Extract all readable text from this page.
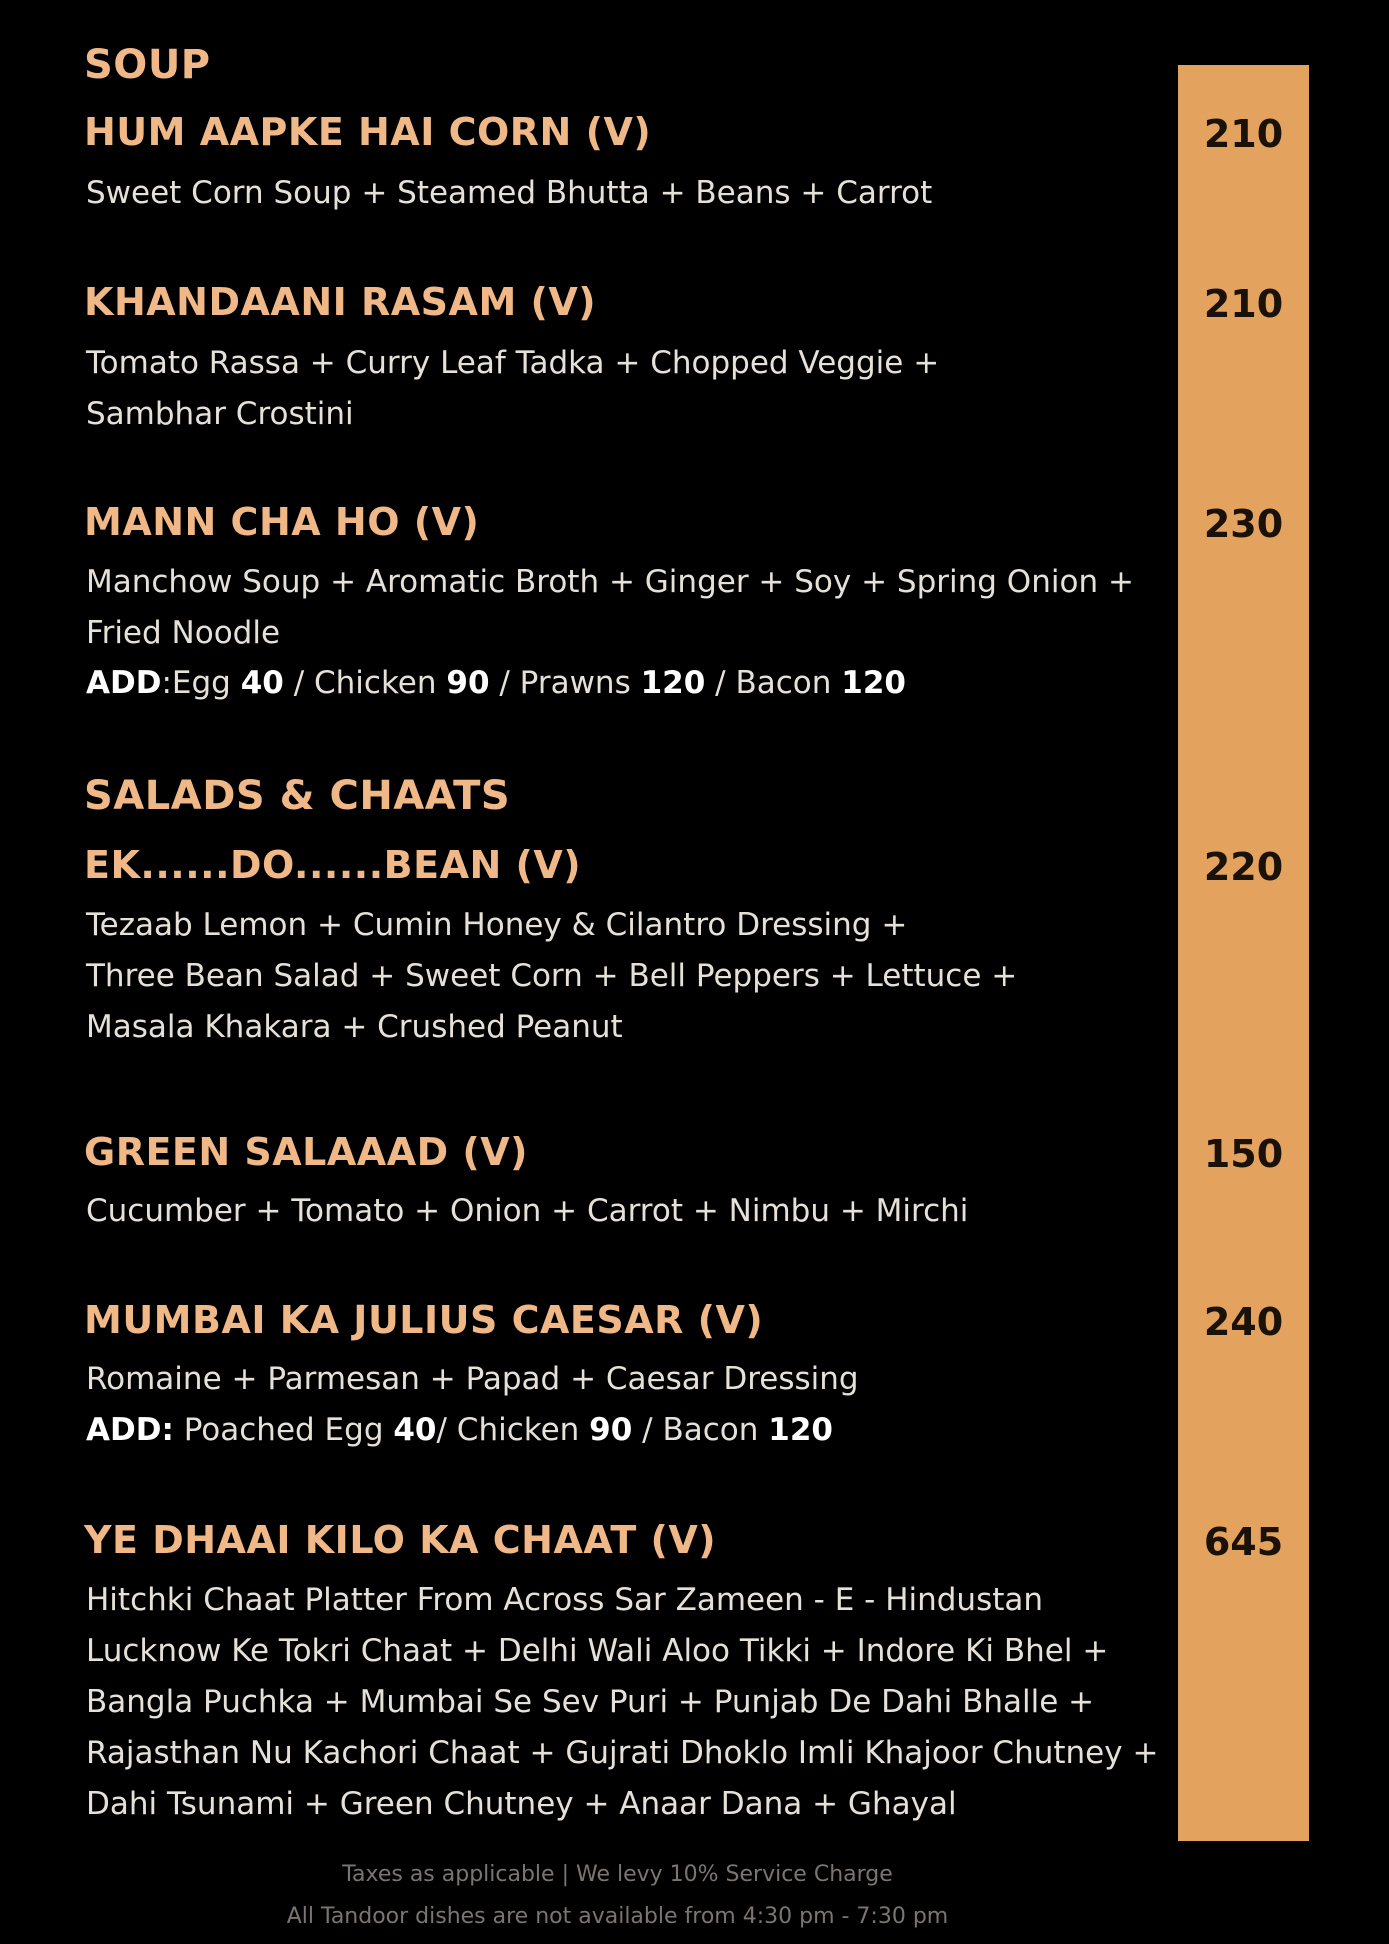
SOUP
HUM AAPKE HAI CORN (V)	210
Sweet Corn Soup + Steamed Bhutta + Beans + Carrot
KHANDAANI RASAM (V)	210
Tomato Rassa + Curry Leaf Tadka + Chopped Veggie +
Sambhar Crostini
MANN CHA HO (V)	230
Manchow Soup + Aromatic Broth + Ginger + Soy + Spring Onion +
Fried Noodle
ADD:Egg 40 / Chicken 90 / Prawns 120 / Bacon 120
SALADS & CHAATS
EK......DO......BEAN (V)	220
Tezaab Lemon + Cumin Honey & Cilantro Dressing +
Three Bean Salad + Sweet Corn + Bell Peppers + Lettuce +
Masala Khakara + Crushed Peanut
GREEN SALAAAD (V)	150
Cucumber + Tomato + Onion + Carrot + Nimbu + Mirchi
MUMBAI KA JULIUS CAESAR (V)	240
Romaine + Parmesan + Papad + Caesar Dressing
ADD: Poached Egg 40/ Chicken 90 / Bacon 120
YE DHAAI KILO KA CHAAT (V)	645
Hitchki Chaat Platter From Across Sar Zameen - E - Hindustan
Lucknow Ke Tokri Chaat + Delhi Wali Aloo Tikki + Indore Ki Bhel +
Bangla Puchka + Mumbai Se Sev Puri + Punjab De Dahi Bhalle +
Rajasthan Nu Kachori Chaat + Gujrati Dhoklo Imli Khajoor Chutney +
Dahi Tsunami + Green Chutney + Anaar Dana + Ghayal
Taxes as applicable | We levy 10% Service Charge
All Tandoor dishes are not available from 4:30 pm - 7:30 pm
